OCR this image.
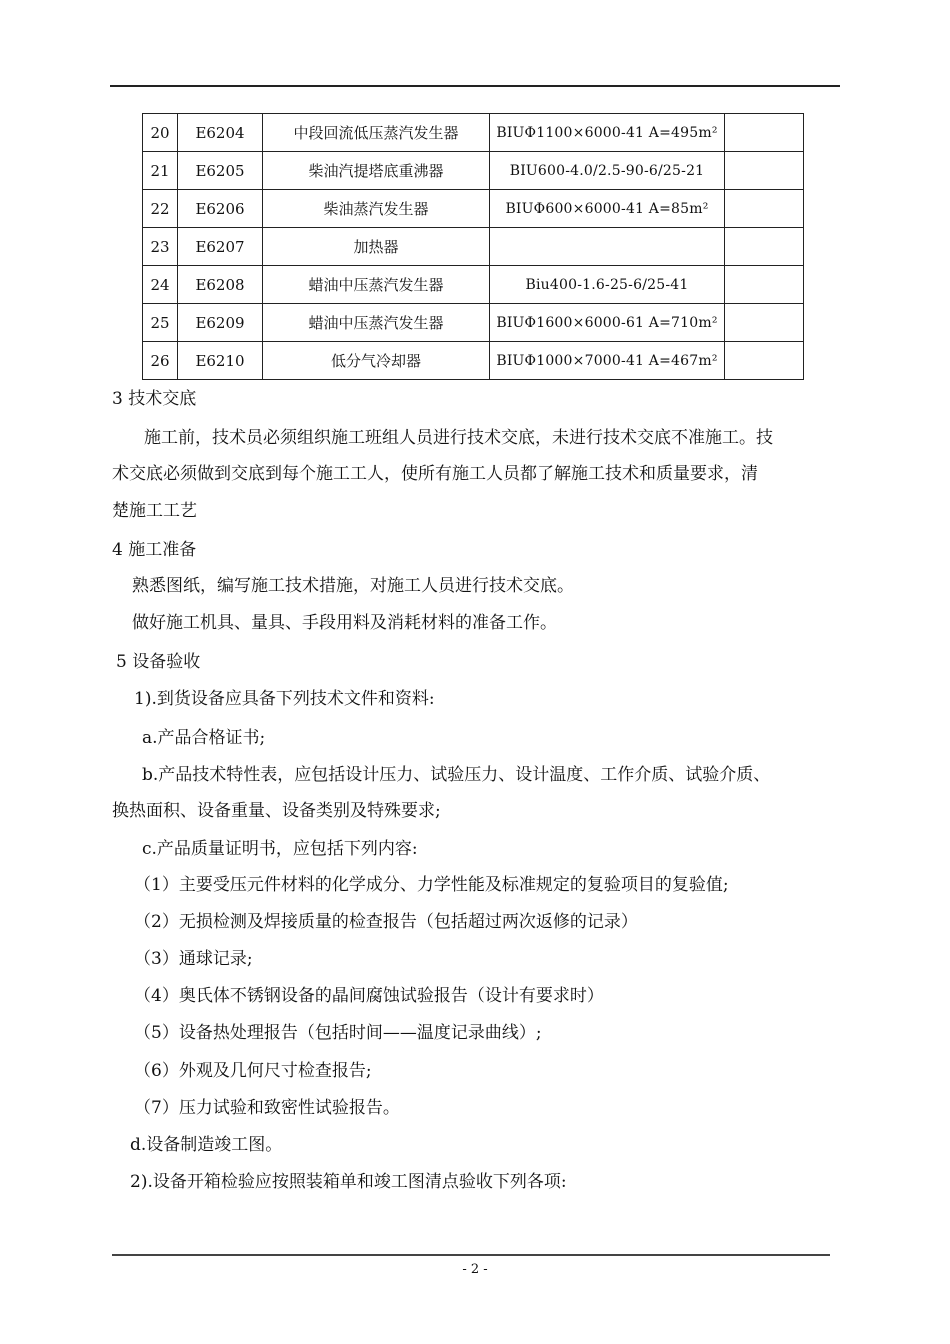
20	E6204	中段回流低压蒸汽发生器	BIUΦ1100×6000-41 A=495m²	
21	E6205	柴油汽提塔底重沸器	BIU600-4.0/2.5-90-6/25-21	
22	E6206	柴油蒸汽发生器	BIUΦ600×6000-41 A=85m²	
23	E6207	加热器		
24	E6208	蜡油中压蒸汽发生器	Biu400-1.6-25-6/25-41	
25	E6209	蜡油中压蒸汽发生器	BIUΦ1600×6000-61 A=710m²	
26	E6210	低分气冷却器	BIUΦ1000×7000-41 A=467m²	
3 技术交底
施工前，技术员必须组织施工班组人员进行技术交底，未进行技术交底不准施工。技
术交底必须做到交底到每个施工工人，使所有施工人员都了解施工技术和质量要求，清
楚施工工艺
4 施工准备
熟悉图纸，编写施工技术措施，对施工人员进行技术交底。
做好施工机具、量具、手段用料及消耗材料的准备工作。
5 设备验收
1).到货设备应具备下列技术文件和资料:
a.产品合格证书;
b.产品技术特性表，应包括设计压力、试验压力、设计温度、工作介质、试验介质、
换热面积、设备重量、设备类别及特殊要求;
c.产品质量证明书，应包括下列内容:
（1）主要受压元件材料的化学成分、力学性能及标准规定的复验项目的复验值;
（2）无损检测及焊接质量的检查报告（包括超过两次返修的记录）
（3）通球记录;
（4）奥氏体不锈钢设备的晶间腐蚀试验报告（设计有要求时）
（5）设备热处理报告（包括时间——温度记录曲线）;
（6）外观及几何尺寸检查报告;
（7）压力试验和致密性试验报告。
d.设备制造竣工图。
2).设备开箱检验应按照装箱单和竣工图清点验收下列各项:
- 2 -
